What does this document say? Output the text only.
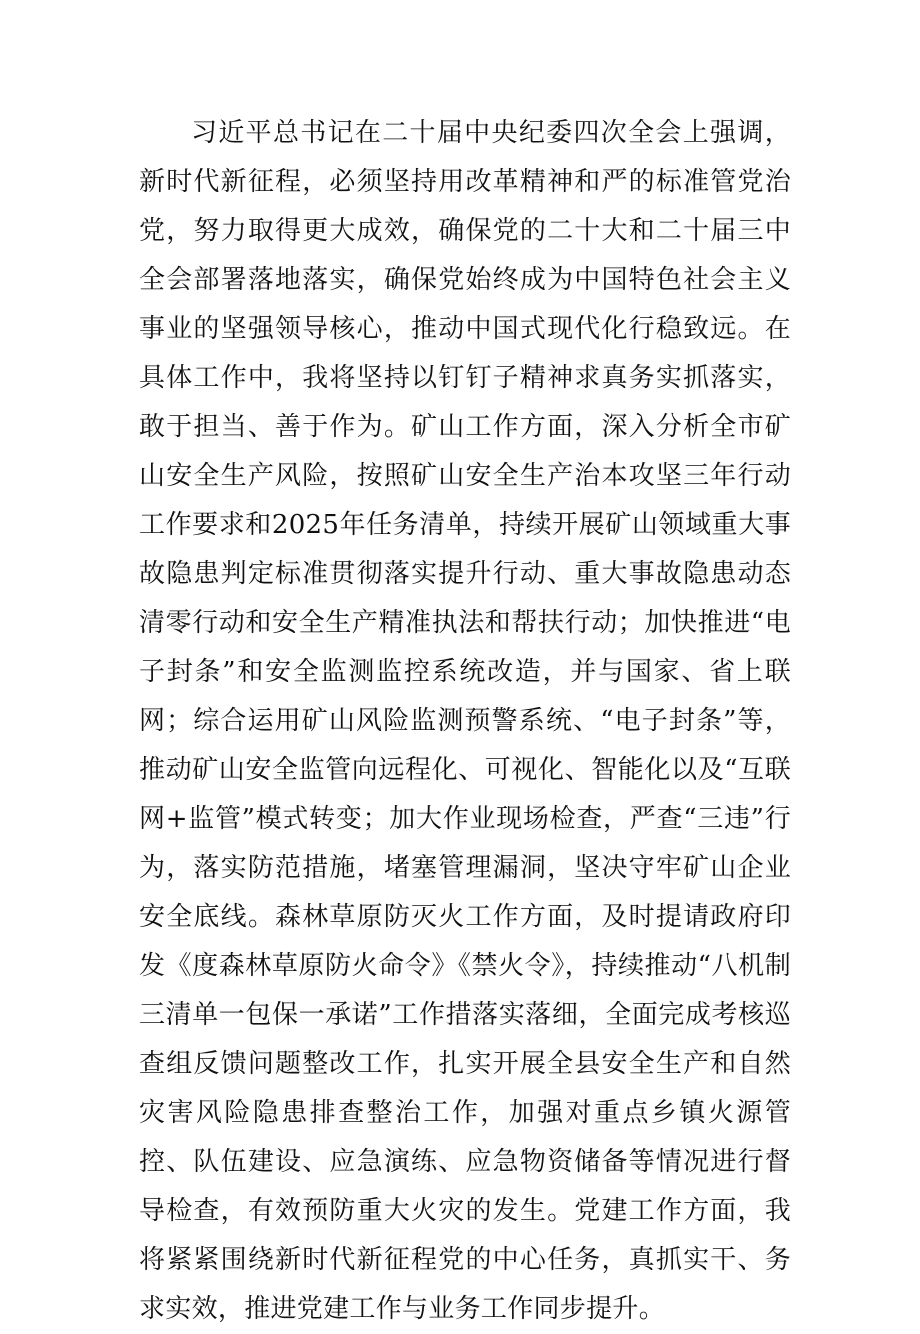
习近平总书记在二十届中央纪委四次全会上强调，新时代新征程，必须坚持用改革精神和严的标准管党治党，努力取得更大成效，确保党的二十大和二十届三中全会部署落地落实，确保党始终成为中国特色社会主义事业的坚强领导核心，推动中国式现代化行稳致远。在具体工作中，我将坚持以钉钉子精神求真务实抓落实，敢于担当、善于作为。矿山工作方面，深入分析全市矿山安全生产风险，按照矿山安全生产治本攻坚三年行动工作要求和2025年任务清单，持续开展矿山领域重大事故隐患判定标准贯彻落实提升行动、重大事故隐患动态清零行动和安全生产精准执法和帮扶行动；加快推进“电子封条”和安全监测监控系统改造，并与国家、省上联网；综合运用矿山风险监测预警系统、“电子封条”等，推动矿山安全监管向远程化、可视化、智能化以及“互联网+监管”模式转变；加大作业现场检查，严查“三违”行为，落实防范措施，堵塞管理漏洞，坚决守牢矿山企业安全底线。森林草原防灭火工作方面，及时提请政府印发《度森林草原防火命令》《禁火令》，持续推动“八机制三清单一包保一承诺”工作措落实落细，全面完成考核巡查组反馈问题整改工作，扎实开展全县安全生产和自然灾害风险隐患排查整治工作，加强对重点乡镇火源管控、队伍建设、应急演练、应急物资储备等情况进行督导检查，有效预防重大火灾的发生。党建工作方面，我将紧紧围绕新时代新征程党的中心任务，真抓实干、务求实效，推进党建工作与业务工作同步提升。
